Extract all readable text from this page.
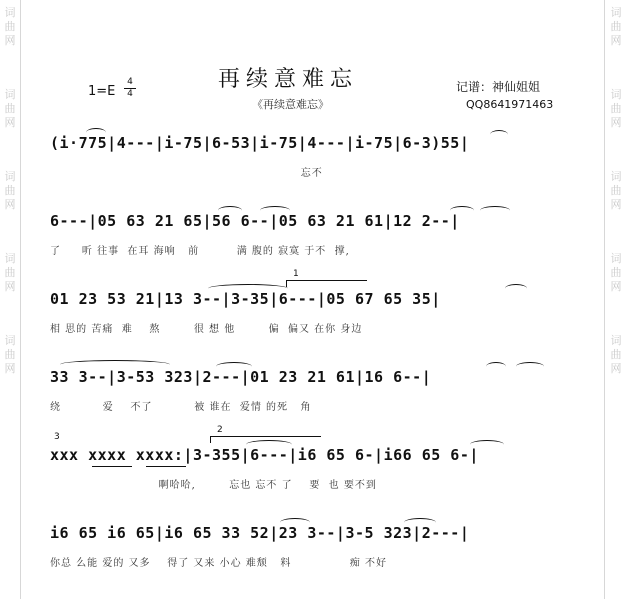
词
曲
网
词
曲
网
词
曲
网
词
曲
网
词
曲
网
词
曲
网
词
曲
网
词
曲
网
词
曲
网
词
曲
网
再续意难忘
《再续意难忘》
1=E
4
4	记谱：神仙姐姐
QQ8641971463
(i·775|4---|i-75|6-53|i-75|4---|i-75|6-3)55|
忘不
6---|05 63 21 65|56 6--|05 63 21 61|12 2--|
了     听 往事  在耳 海响   前         满 腹的 寂寞 于不  撑,
01 23 53 21|13 3--|3-35|6---|05 67 65 35|
相 思的 苦痛  难    熬        很 想 他        偏  偏又 在你 身边
1
33 3--|3-53 323|2---|01 23 21 61|16 6--|
绕          爱    不了          被 谁在  爱情 的死   角
xxx xxxx xxxx:|3-355|6---|i6 65 6-|i66 65 6-|
啊哈哈,        忘也 忘不 了    要  也 要不到
2
3
i6 65 i6 65|i6 65 33 52|23 3--|3-5 323|2---|
你总 么能 爱的 又多    得了 又来 小心 难颓   料              痴 不好
